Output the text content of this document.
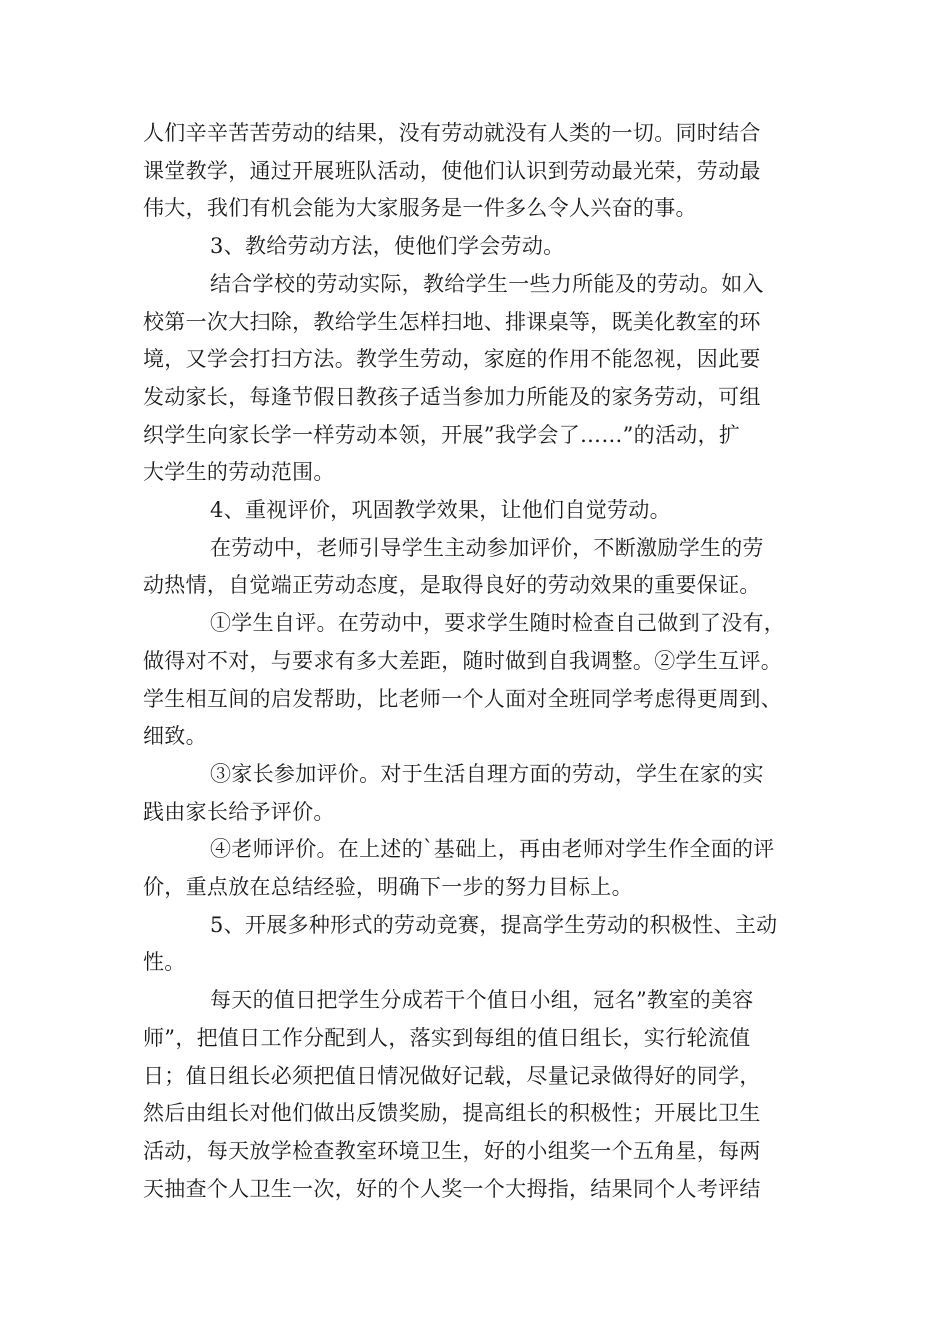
人们辛辛苦苦劳动的结果，没有劳动就没有人类的一切。同时结合
课堂教学，通过开展班队活动，使他们认识到劳动最光荣，劳动最
伟大，我们有机会能为大家服务是一件多么令人兴奋的事。
3、教给劳动方法，使他们学会劳动。
结合学校的劳动实际，教给学生一些力所能及的劳动。如入
校第一次大扫除，教给学生怎样扫地、排课桌等，既美化教室的环
境，又学会打扫方法。教学生劳动，家庭的作用不能忽视，因此要
发动家长，每逢节假日教孩子适当参加力所能及的家务劳动，可组
织学生向家长学一样劳动本领，开展”我学会了……”的活动，扩
大学生的劳动范围。
4、重视评价，巩固教学效果，让他们自觉劳动。
在劳动中，老师引导学生主动参加评价，不断激励学生的劳
动热情，自觉端正劳动态度，是取得良好的劳动效果的重要保证。
①学生自评。在劳动中，要求学生随时检查自己做到了没有，
做得对不对，与要求有多大差距，随时做到自我调整。②学生互评。
学生相互间的启发帮助，比老师一个人面对全班同学考虑得更周到、
细致。
③家长参加评价。对于生活自理方面的劳动，学生在家的实
践由家长给予评价。
④老师评价。在上述的`基础上，再由老师对学生作全面的评
价，重点放在总结经验，明确下一步的努力目标上。
5、开展多种形式的劳动竞赛，提高学生劳动的积极性、主动
性。
每天的值日把学生分成若干个值日小组，冠名”教室的美容
师”，把值日工作分配到人，落实到每组的值日组长，实行轮流值
日；值日组长必须把值日情况做好记载，尽量记录做得好的同学，
然后由组长对他们做出反馈奖励，提高组长的积极性；开展比卫生
活动，每天放学检查教室环境卫生，好的小组奖一个五角星，每两
天抽查个人卫生一次，好的个人奖一个大拇指，结果同个人考评结
